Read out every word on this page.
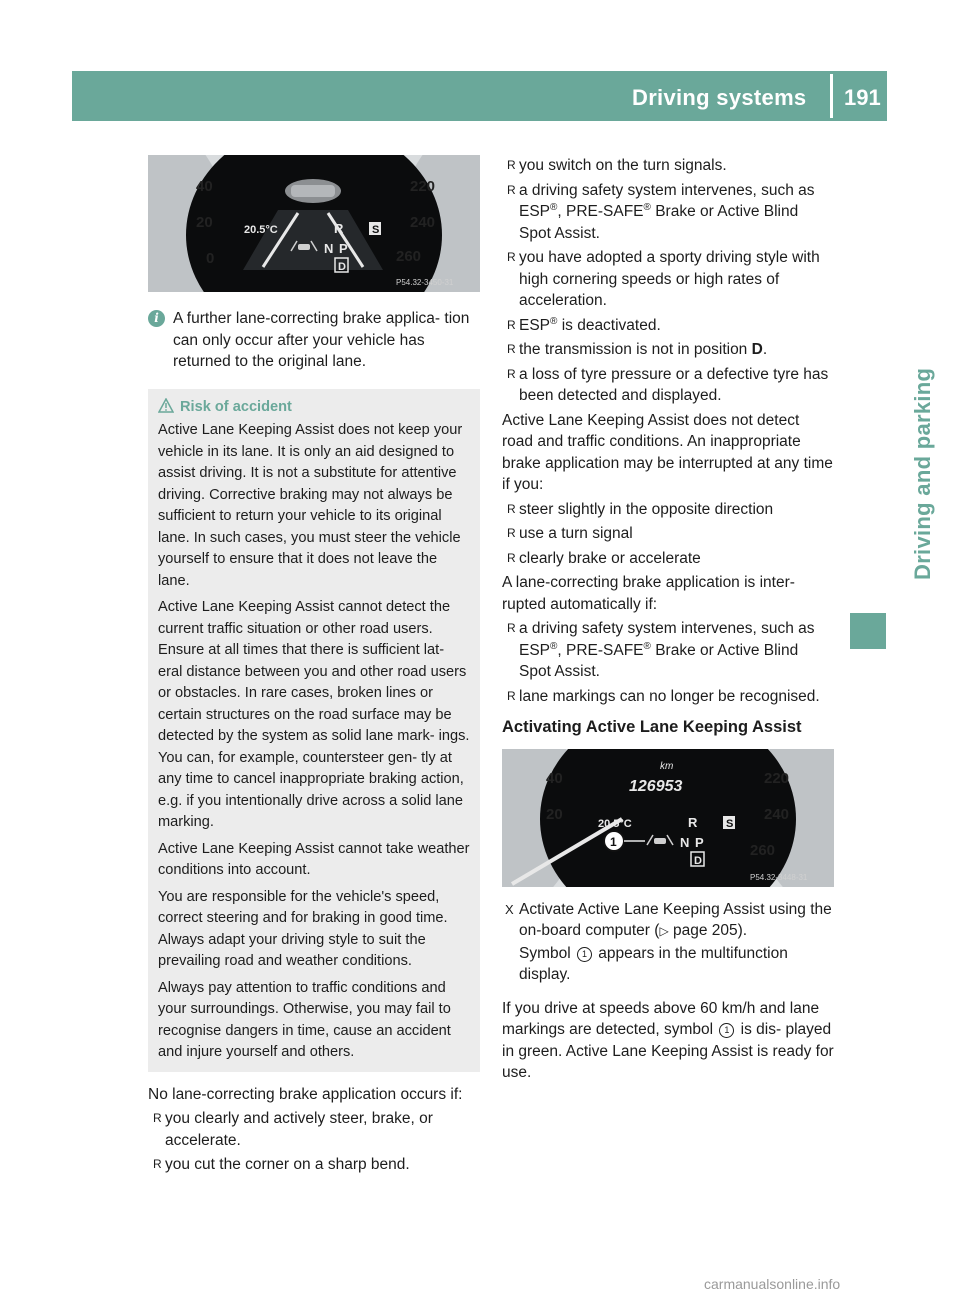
Driving systems 191
Driving and parking
40
20
0
220
240
260
20.5°C	R	S
N P
D
P54.32-3450-31
i A further lane-correcting brake applica- tion can only occur after your vehicle has returned to the original lane.

Risk of accident

Active Lane Keeping Assist does not keep your vehicle in its lane. It is only an aid designed to assist driving. It is not a substitute for attentive driving. Corrective braking may not always be sufficient to return your vehicle to its original lane. In such cases, you must steer the vehicle yourself to ensure that it does not leave the lane.

Active Lane Keeping Assist cannot detect the current traffic situation or other road users. Ensure at all times that there is sufficient lat- eral distance between you and other road users or obstacles. In rare cases, broken lines or certain structures on the road surface may be detected by the system as solid lane mark- ings. You can, for example, countersteer gen- tly at any time to cancel inappropriate braking action, e.g. if you intentionally drive across a solid lane marking.

Active Lane Keeping Assist cannot take weather conditions into account.

You are responsible for the vehicle's speed, correct steering and for braking in good time. Always adapt your driving style to suit the prevailing road and weather conditions.

Always pay attention to traffic conditions and your surroundings. Otherwise, you may fail to recognise dangers in time, cause an accident and injure yourself and others.

No lane-correcting brake application occurs if:

R you clearly and actively steer, brake, or accelerate.
R you cut the corner on a sharp bend.
R you switch on the turn signals.
R a driving safety system intervenes, such as ESP®, PRE-SAFE® Brake or Active Blind Spot Assist.
R you have adopted a sporty driving style with high cornering speeds or high rates of acceleration.
R ESP® is deactivated.
R the transmission is not in position D.
R a loss of tyre pressure or a defective tyre has been detected and displayed.

Active Lane Keeping Assist does not detect road and traffic conditions. An inappropriate brake application may be interrupted at any time if you:

R steer slightly in the opposite direction
R use a turn signal
R clearly brake or accelerate

A lane-correcting brake application is inter- rupted automatically if:

R a driving safety system intervenes, such as ESP®, PRE-SAFE® Brake or Active Blind Spot Assist.
R lane markings can no longer be recognised.
Activating Active Lane Keeping Assist
km
126953
40
20
220
240
260
20.5°C	R	S
1	N P
D
P54.32-3448-31
X Activate Active Lane Keeping Assist using the on-board computer (▷ page 205).
Symbol 1 appears in the multifunction display.

If you drive at speeds above 60 km/h and lane markings are detected, symbol 1 is dis- played in green. Active Lane Keeping Assist is ready for use.

carmanualsonline.info
